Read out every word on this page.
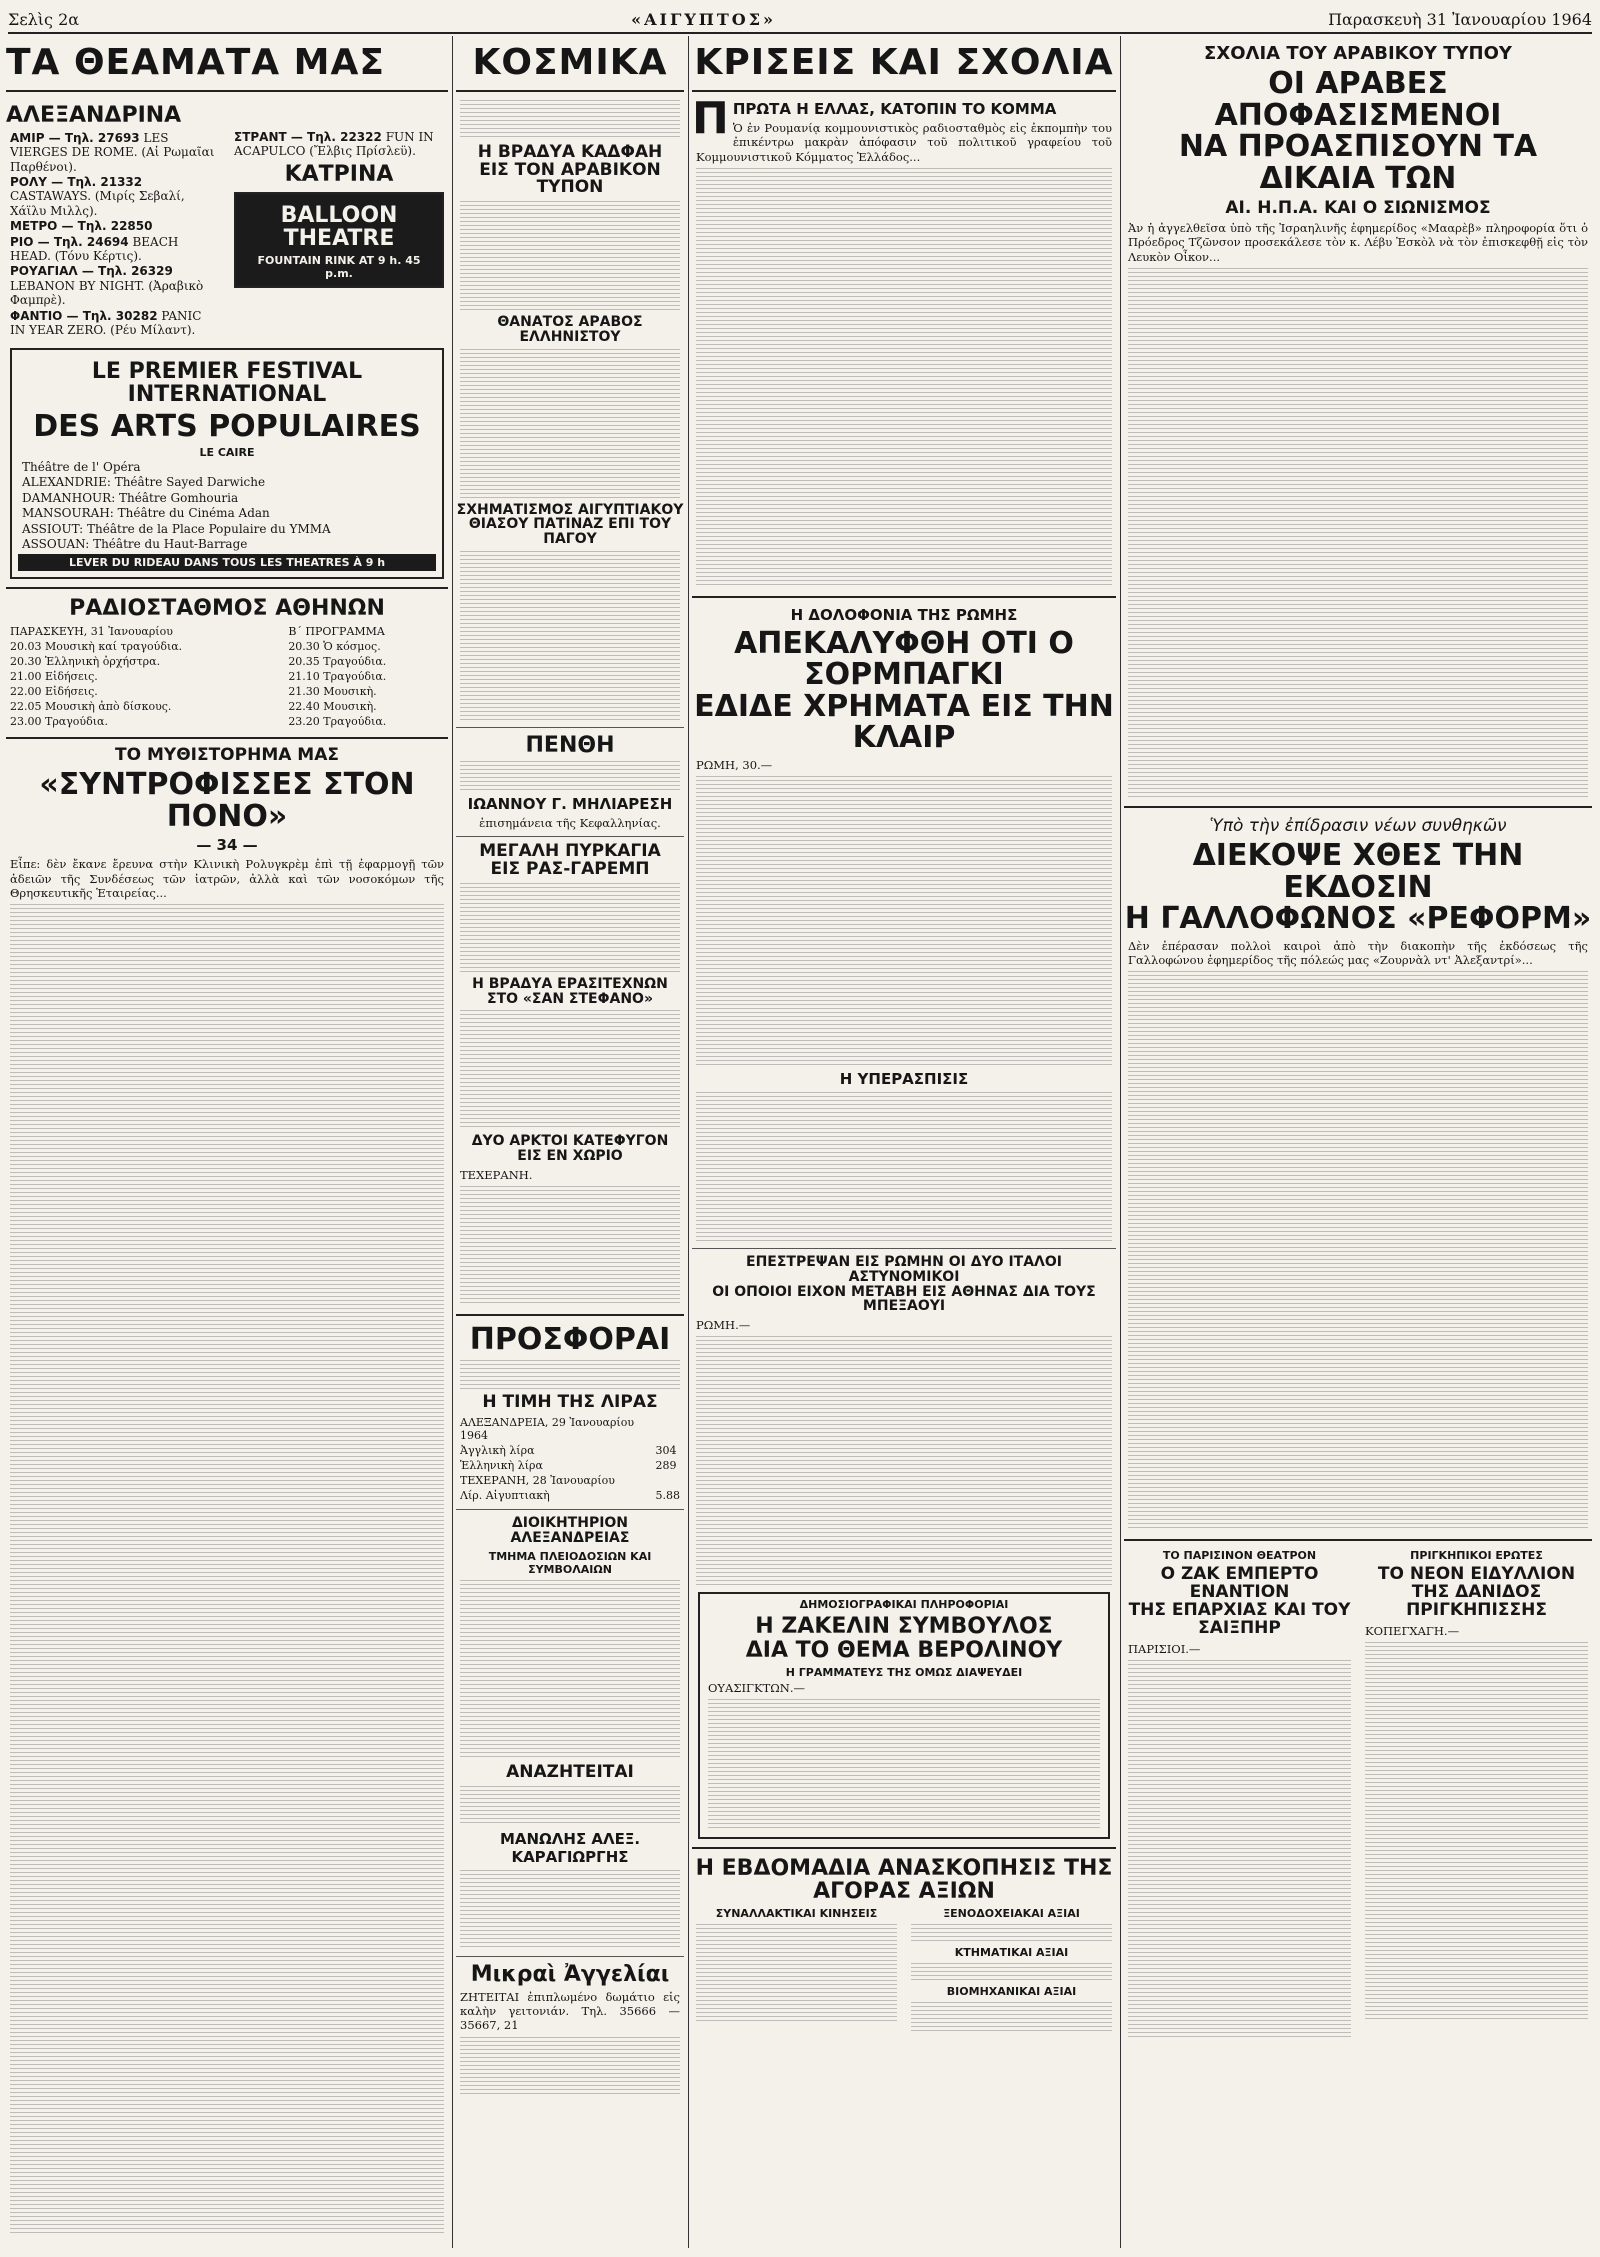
Σελὶς 2α	«ΑΙΓΥΠΤΟΣ»	Παρασκευὴ 31 Ἰανουαρίου 1964
ΤΑ ΘΕΑΜΑΤΑ ΜΑΣ
ΑΛΕΞΑΝΔΡΙΝΑ
ΑΜΙΡ — Τηλ. 27693 LES VIERGES DE ROME. (Αἱ Ρωμαῖαι Παρθένοι).
ΡΟΛΥ — Τηλ. 21332 CASTAWAYS. (Μιρίς Σεβαλί, Χάϊλυ Μιλλς).
ΜΕΤΡΟ — Τηλ. 22850
ΡΙΟ — Τηλ. 24694 BEACH HEAD. (Τόνυ Κέρτις).
ΡΟΥΑΓΙΑΛ — Τηλ. 26329 LEBANON BY NIGHT. (Ἀραβικὸ Φαμπρὲ).
ΦΑΝΤΙΟ — Τηλ. 30282 PANIC IN YEAR ZERO. (Ρέυ Μίλαντ).
ΣΤΡΑΝΤ — Τηλ. 22322 FUN IN ACAPULCO (Ἔλβις Πρίσλεϋ).
ΚΑΤΡΙΝΑ
BALLOON THEATRE
FOUNTAIN RINK AT 9 h. 45 p.m.
LE PREMIER FESTIVAL INTERNATIONAL
DES ARTS POPULAIRES
LE CAIRE
Théâtre de l' Opéra
ALEXANDRIE: Théâtre Sayed Darwiche
DAMANHOUR: Théâtre Gomhouria
MANSOURAH: Théâtre du Cinéma Adan
ASSIOUT: Théâtre de la Place Populaire du YMMA
ASSOUAN: Théâtre du Haut-Barrage
LEVER DU RIDEAU DANS TOUS LES THEATRES À 9 h
ΡΑΔΙΟΣΤΑΘΜΟΣ ΑΘΗΝΩΝ
ΠΑΡΑΣΚΕΥΗ, 31 Ἰανουαρίου	Β΄ ΠΡΟΓΡΑΜΜΑ
20.03 Μουσικὴ καί τραγούδια.	20.30 Ὁ κόσμος.
20.30 Ἑλληνικὴ ὀρχήστρα.	20.35 Τραγούδια.
21.00 Εἰδήσεις.	21.10 Τραγούδια.
22.00 Εἰδήσεις.	21.30 Μουσικὴ.
22.05 Μουσικὴ ἀπὸ δίσκους.	22.40 Μουσικὴ.
23.00 Τραγούδια.	23.20 Τραγούδια.
ΤΟ ΜΥΘΙΣΤΟΡΗΜΑ ΜΑΣ
«ΣΥΝΤΡΟΦΙΣΣΕΣ ΣΤΟΝ ΠΟΝΟ»
— 34 —
Εἶπε: δὲν ἔκανε ἔρευνα στὴν Κλινικὴ Ρολυγκρὲμ ἐπὶ τῇ ἐφαρμογῇ τῶν ἀδειῶν τῆς Συνδέσεως τῶν ἰατρῶν, ἀλλὰ καὶ τῶν νοσοκόμων τῆς Θρησκευτικῆς Ἑταιρείας...
ΚΟΣΜΙΚΑ
Η ΒΡΑΔΥΑ ΚΑΔΦΑΗ
ΕΙΣ ΤΟΝ ΑΡΑΒΙΚΟΝ ΤΥΠΟΝ
ΘΑΝΑΤΟΣ ΑΡΑΒΟΣ ΕΛΛΗΝΙΣΤΟΥ
ΣΧΗΜΑΤΙΣΜΟΣ ΑΙΓΥΠΤΙΑΚΟΥ
ΘΙΑΣΟΥ ΠΑΤΙΝΑΖ ΕΠΙ ΤΟΥ ΠΑΓΟΥ
ΠΕΝΘΗ
ΙΩΑΝΝΟΥ Γ. ΜΗΛΙΑΡΕΣΗ
ἐπισημάνεια τῆς Κεφαλληνίας.
ΜΕΓΑΛΗ ΠΥΡΚΑΓΙΑ
ΕΙΣ ΡΑΣ-ΓΑΡΕΜΠ
Η ΒΡΑΔΥΑ ΕΡΑΣΙΤΕΧΝΩΝ
ΣΤΟ «ΣΑΝ ΣΤΕΦΑΝΟ»
ΔΥΟ ΑΡΚΤΟΙ ΚΑΤΕΦΥΓΟΝ
ΕΙΣ ΕΝ ΧΩΡΙΟ
ΤΕΧΕΡΑΝΗ.
ΠΡΟΣΦΟΡΑΙ
Η ΤΙΜΗ ΤΗΣ ΛΙΡΑΣ
ΑΛΕΞΑΝΔΡΕΙΑ, 29 Ἰανουαρίου 1964	
Ἀγγλικὴ λίρα	304
Ἑλληνικὴ λίρα	289
ΤΕΧΕΡΑΝΗ, 28 Ἰανουαρίου	
Λίρ. Αἰγυπτιακὴ	5.88
ΔΙΟΙΚΗΤΗΡΙΟΝ ΑΛΕΞΑΝΔΡΕΙΑΣ
ΤΜΗΜΑ ΠΛΕΙΟΔΟΣΙΩΝ ΚΑΙ ΣΥΜΒΟΛΑΙΩΝ
ΑΝΑΖΗΤΕΙΤΑΙ
ΜΑΝΩΛΗΣ ΑΛΕΞ. ΚΑΡΑΓΙΩΡΓΗΣ
Μικραὶ Ἀγγελίαι
ΖΗΤΕΙΤΑΙ ἐπιπλωμένο δωμάτιο εἰς καλὴν γειτονιάν. Τηλ. 35666 — 35667, 21
ΚΡΙΣΕΙΣ ΚΑΙ ΣΧΟΛΙΑ
ΠΠΡΩΤΑ Η ΕΛΛΑΣ, ΚΑΤΟΠΙΝ ΤΟ ΚΟΜΜΑ
Ὁ ἐν Ρουμανίᾳ κομμουνιστικὸς ραδιοσταθμὸς εἰς ἐκπομπὴν του ἐπικέντρω μακρὰν ἀπόφασιν τοῦ πολιτικοῦ γραφείου τοῦ Κομμουνιστικοῦ Κόμματος Ἑλλάδος...
Η ΔΟΛΟΦΟΝΙΑ ΤΗΣ ΡΩΜΗΣ
ΑΠΕΚΑΛΥΦΘΗ ΟΤΙ Ο ΣΟΡΜΠΑΓΚΙ
ΕΔΙΔΕ ΧΡΗΜΑΤΑ ΕΙΣ ΤΗΝ ΚΛΑΙΡ
ΡΩΜΗ, 30.—
Η ΥΠΕΡΑΣΠΙΣΙΣ
ΕΠΕΣΤΡΕΨΑΝ ΕΙΣ ΡΩΜΗΝ ΟΙ ΔΥΟ ΙΤΑΛΟΙ ΑΣΤΥΝΟΜΙΚΟΙ
ΟΙ ΟΠΟΙΟΙ ΕΙΧΟΝ ΜΕΤΑΒΗ ΕΙΣ ΑΘΗΝΑΣ ΔΙΑ ΤΟΥΣ ΜΠΕΞΑΟΥΙ
ΡΩΜΗ.—
ΔΗΜΟΣΙΟΓΡΑΦΙΚΑΙ ΠΛΗΡΟΦΟΡΙΑΙ
Η ΖΑΚΕΛΙΝ ΣΥΜΒΟΥΛΟΣ
ΔΙΑ ΤΟ ΘΕΜΑ ΒΕΡΟΛΙΝΟΥ
Η ΓΡΑΜΜΑΤΕΥΣ ΤΗΣ ΟΜΩΣ ΔΙΑΨΕΥΔΕΙ
ΟΥΑΣΙΓΚΤΩΝ.—
Η ΕΒΔΟΜΑΔΙΑ ΑΝΑΣΚΟΠΗΣΙΣ ΤΗΣ ΑΓΟΡΑΣ ΑΞΙΩΝ
ΣΥΝΑΛΛΑΚΤΙΚΑΙ ΚΙΝΗΣΕΙΣ	ΞΕΝΟΔΟΧΕΙΑΚΑΙ ΑΞΙΑΙ
ΚΤΗΜΑΤΙΚΑΙ ΑΞΙΑΙ
ΒΙΟΜΗΧΑΝΙΚΑΙ ΑΞΙΑΙ
ΣΧΟΛΙΑ ΤΟΥ ΑΡΑΒΙΚΟΥ ΤΥΠΟΥ
ΟΙ ΑΡΑΒΕΣ ΑΠΟΦΑΣΙΣΜΕΝΟΙ
ΝΑ ΠΡΟΑΣΠΙΣΟΥΝ ΤΑ ΔΙΚΑΙΑ ΤΩΝ
ΑΙ. Η.Π.Α. ΚΑΙ Ο ΣΙΩΝΙΣΜΟΣ
Ἀν ἡ ἀγγελθεῖσα ὑπὸ τῆς Ἰσραηλινῆς ἐφημερίδος «Μααρὲβ» πληροφορία ὅτι ὁ Πρόεδρος Τζῶνσον προσεκάλεσε τὸν κ. Λέβυ Ἐσκὸλ νὰ τὸν ἐπισκεφθῇ εἰς τὸν Λευκὸν Οἶκον...
Ὑπὸ τὴν ἐπίδρασιν νέων συνθηκῶν
ΔΙΕΚΟΨΕ ΧΘΕΣ ΤΗΝ ΕΚΔΟΣΙΝ
Η ΓΑΛΛΟΦΩΝΟΣ «ΡΕΦΟΡΜ»
Δὲν ἐπέρασαν πολλοὶ καιροὶ ἀπὸ τὴν διακοπὴν τῆς ἐκδόσεως τῆς Γαλλοφώνου ἐφημερίδος τῆς πόλεώς μας «Ζουρνὰλ ντ' Ἀλεξαντρί»...
ΤΟ ΠΑΡΙΣΙΝΟΝ ΘΕΑΤΡΟΝ
Ο ΖΑΚ ΕΜΠΕΡΤΟ ΕΝΑΝΤΙΟΝ
ΤΗΣ ΕΠΑΡΧΙΑΣ ΚΑΙ ΤΟΥ ΣΑΙΞΠΗΡ
ΠΑΡΙΣΙΟΙ.—
ΠΡΙΓΚΗΠΙΚΟΙ ΕΡΩΤΕΣ
ΤΟ ΝΕΟΝ ΕΙΔΥΛΛΙΟΝ
ΤΗΣ ΔΑΝΙΔΟΣ ΠΡΙΓΚΗΠΙΣΣΗΣ
ΚΟΠΕΓΧΑΓΗ.—
